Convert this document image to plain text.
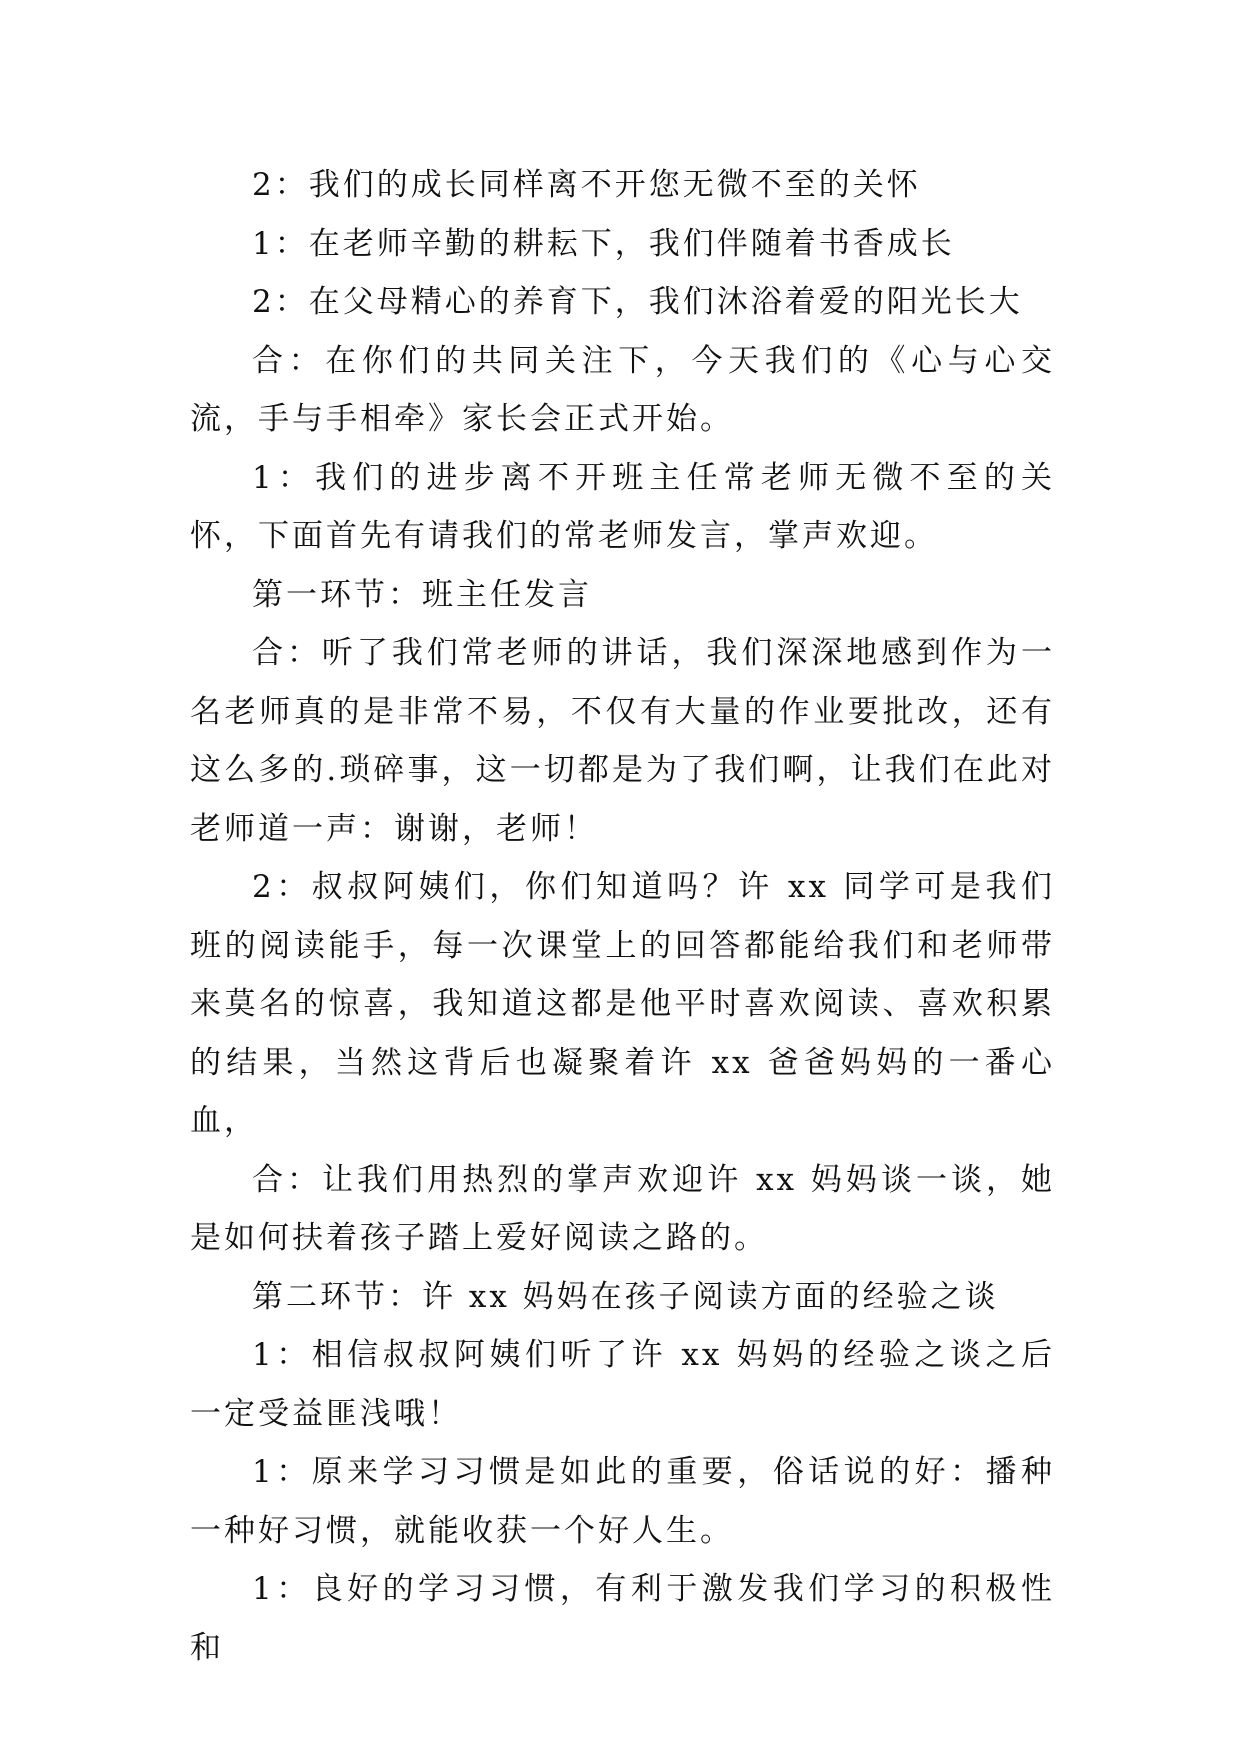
2：我们的成长同样离不开您无微不至的关怀

1：在老师辛勤的耕耘下，我们伴随着书香成长

2：在父母精心的养育下，我们沐浴着爱的阳光长大

合：在你们的共同关注下，今天我们的《心与心交流，手与手相牵》家长会正式开始。

1：我们的进步离不开班主任常老师无微不至的关怀，下面首先有请我们的常老师发言，掌声欢迎。

第一环节：班主任发言

合：听了我们常老师的讲话，我们深深地感到作为一名老师真的是非常不易，不仅有大量的作业要批改，还有这么多的.琐碎事，这一切都是为了我们啊，让我们在此对老师道一声：谢谢，老师！

2：叔叔阿姨们，你们知道吗？许 xx 同学可是我们班的阅读能手，每一次课堂上的回答都能给我们和老师带来莫名的惊喜，我知道这都是他平时喜欢阅读、喜欢积累的结果，当然这背后也凝聚着许 xx 爸爸妈妈的一番心血，

合：让我们用热烈的掌声欢迎许 xx 妈妈谈一谈，她是如何扶着孩子踏上爱好阅读之路的。

第二环节：许 xx 妈妈在孩子阅读方面的经验之谈

1：相信叔叔阿姨们听了许 xx 妈妈的经验之谈之后一定受益匪浅哦！

1：原来学习习惯是如此的重要，俗话说的好：播种一种好习惯，就能收获一个好人生。

1：良好的学习习惯，有利于激发我们学习的积极性和
